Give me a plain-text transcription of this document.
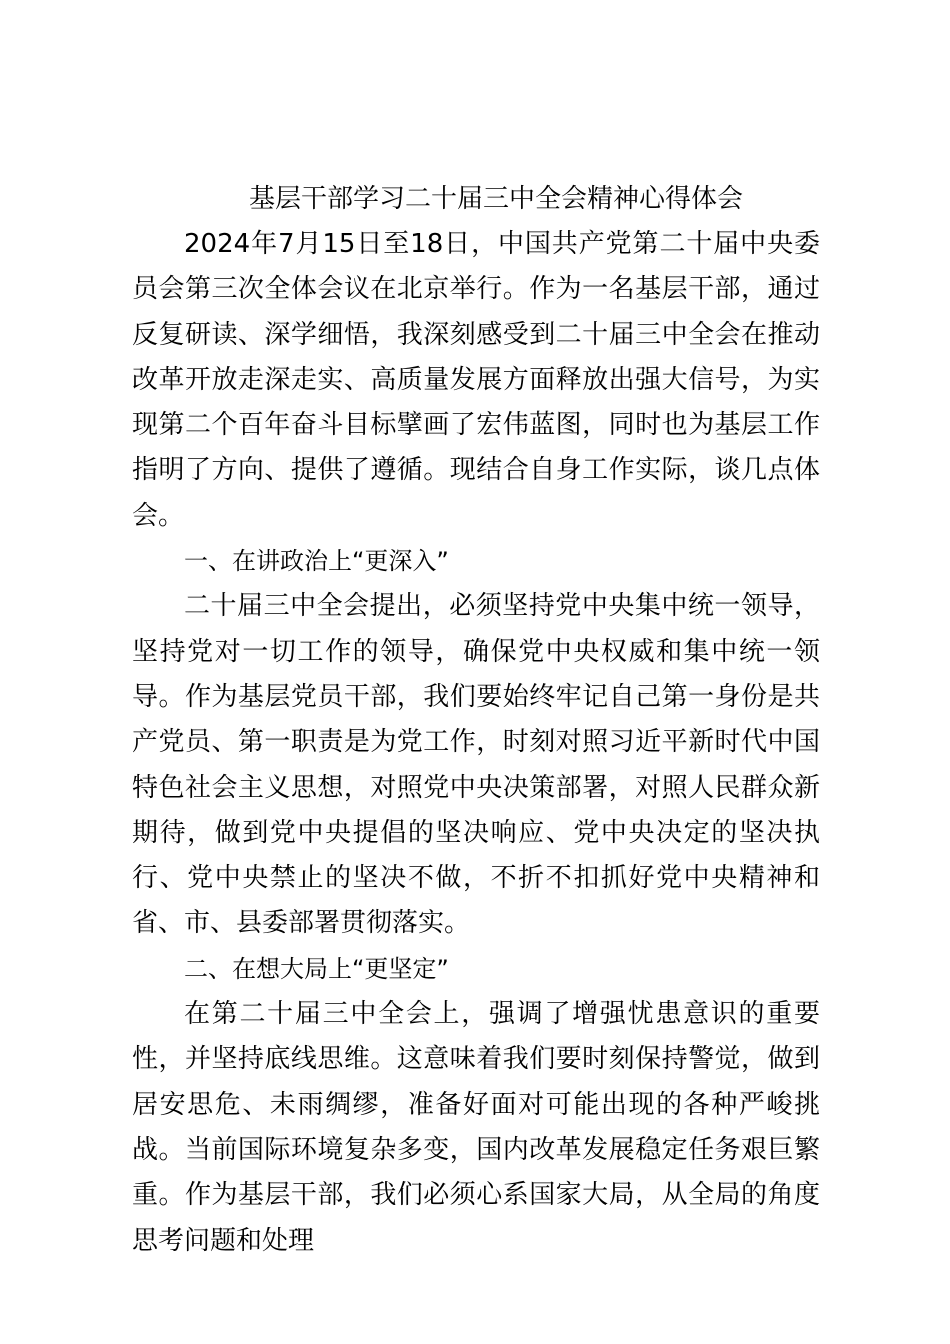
基层干部学习二十届三中全会精神心得体会

2024年7月15日至18日，中国共产党第二十届中央委员会第三次全体会议在北京举行。作为一名基层干部，通过反复研读、深学细悟，我深刻感受到二十届三中全会在推动改革开放走深走实、高质量发展方面释放出强大信号，为实现第二个百年奋斗目标擘画了宏伟蓝图，同时也为基层工作指明了方向、提供了遵循。现结合自身工作实际，谈几点体会。

一、在讲政治上“更深入”

二十届三中全会提出，必须坚持党中央集中统一领导，坚持党对一切工作的领导，确保党中央权威和集中统一领导。作为基层党员干部，我们要始终牢记自己第一身份是共产党员、第一职责是为党工作，时刻对照习近平新时代中国特色社会主义思想，对照党中央决策部署，对照人民群众新期待，做到党中央提倡的坚决响应、党中央决定的坚决执行、党中央禁止的坚决不做，不折不扣抓好党中央精神和省、市、县委部署贯彻落实。

二、在想大局上“更坚定”

在第二十届三中全会上，强调了增强忧患意识的重要性，并坚持底线思维。这意味着我们要时刻保持警觉，做到居安思危、未雨绸缪，准备好面对可能出现的各种严峻挑战。当前国际环境复杂多变，国内改革发展稳定任务艰巨繁重。作为基层干部，我们必须心系国家大局，从全局的角度思考问题和处理
